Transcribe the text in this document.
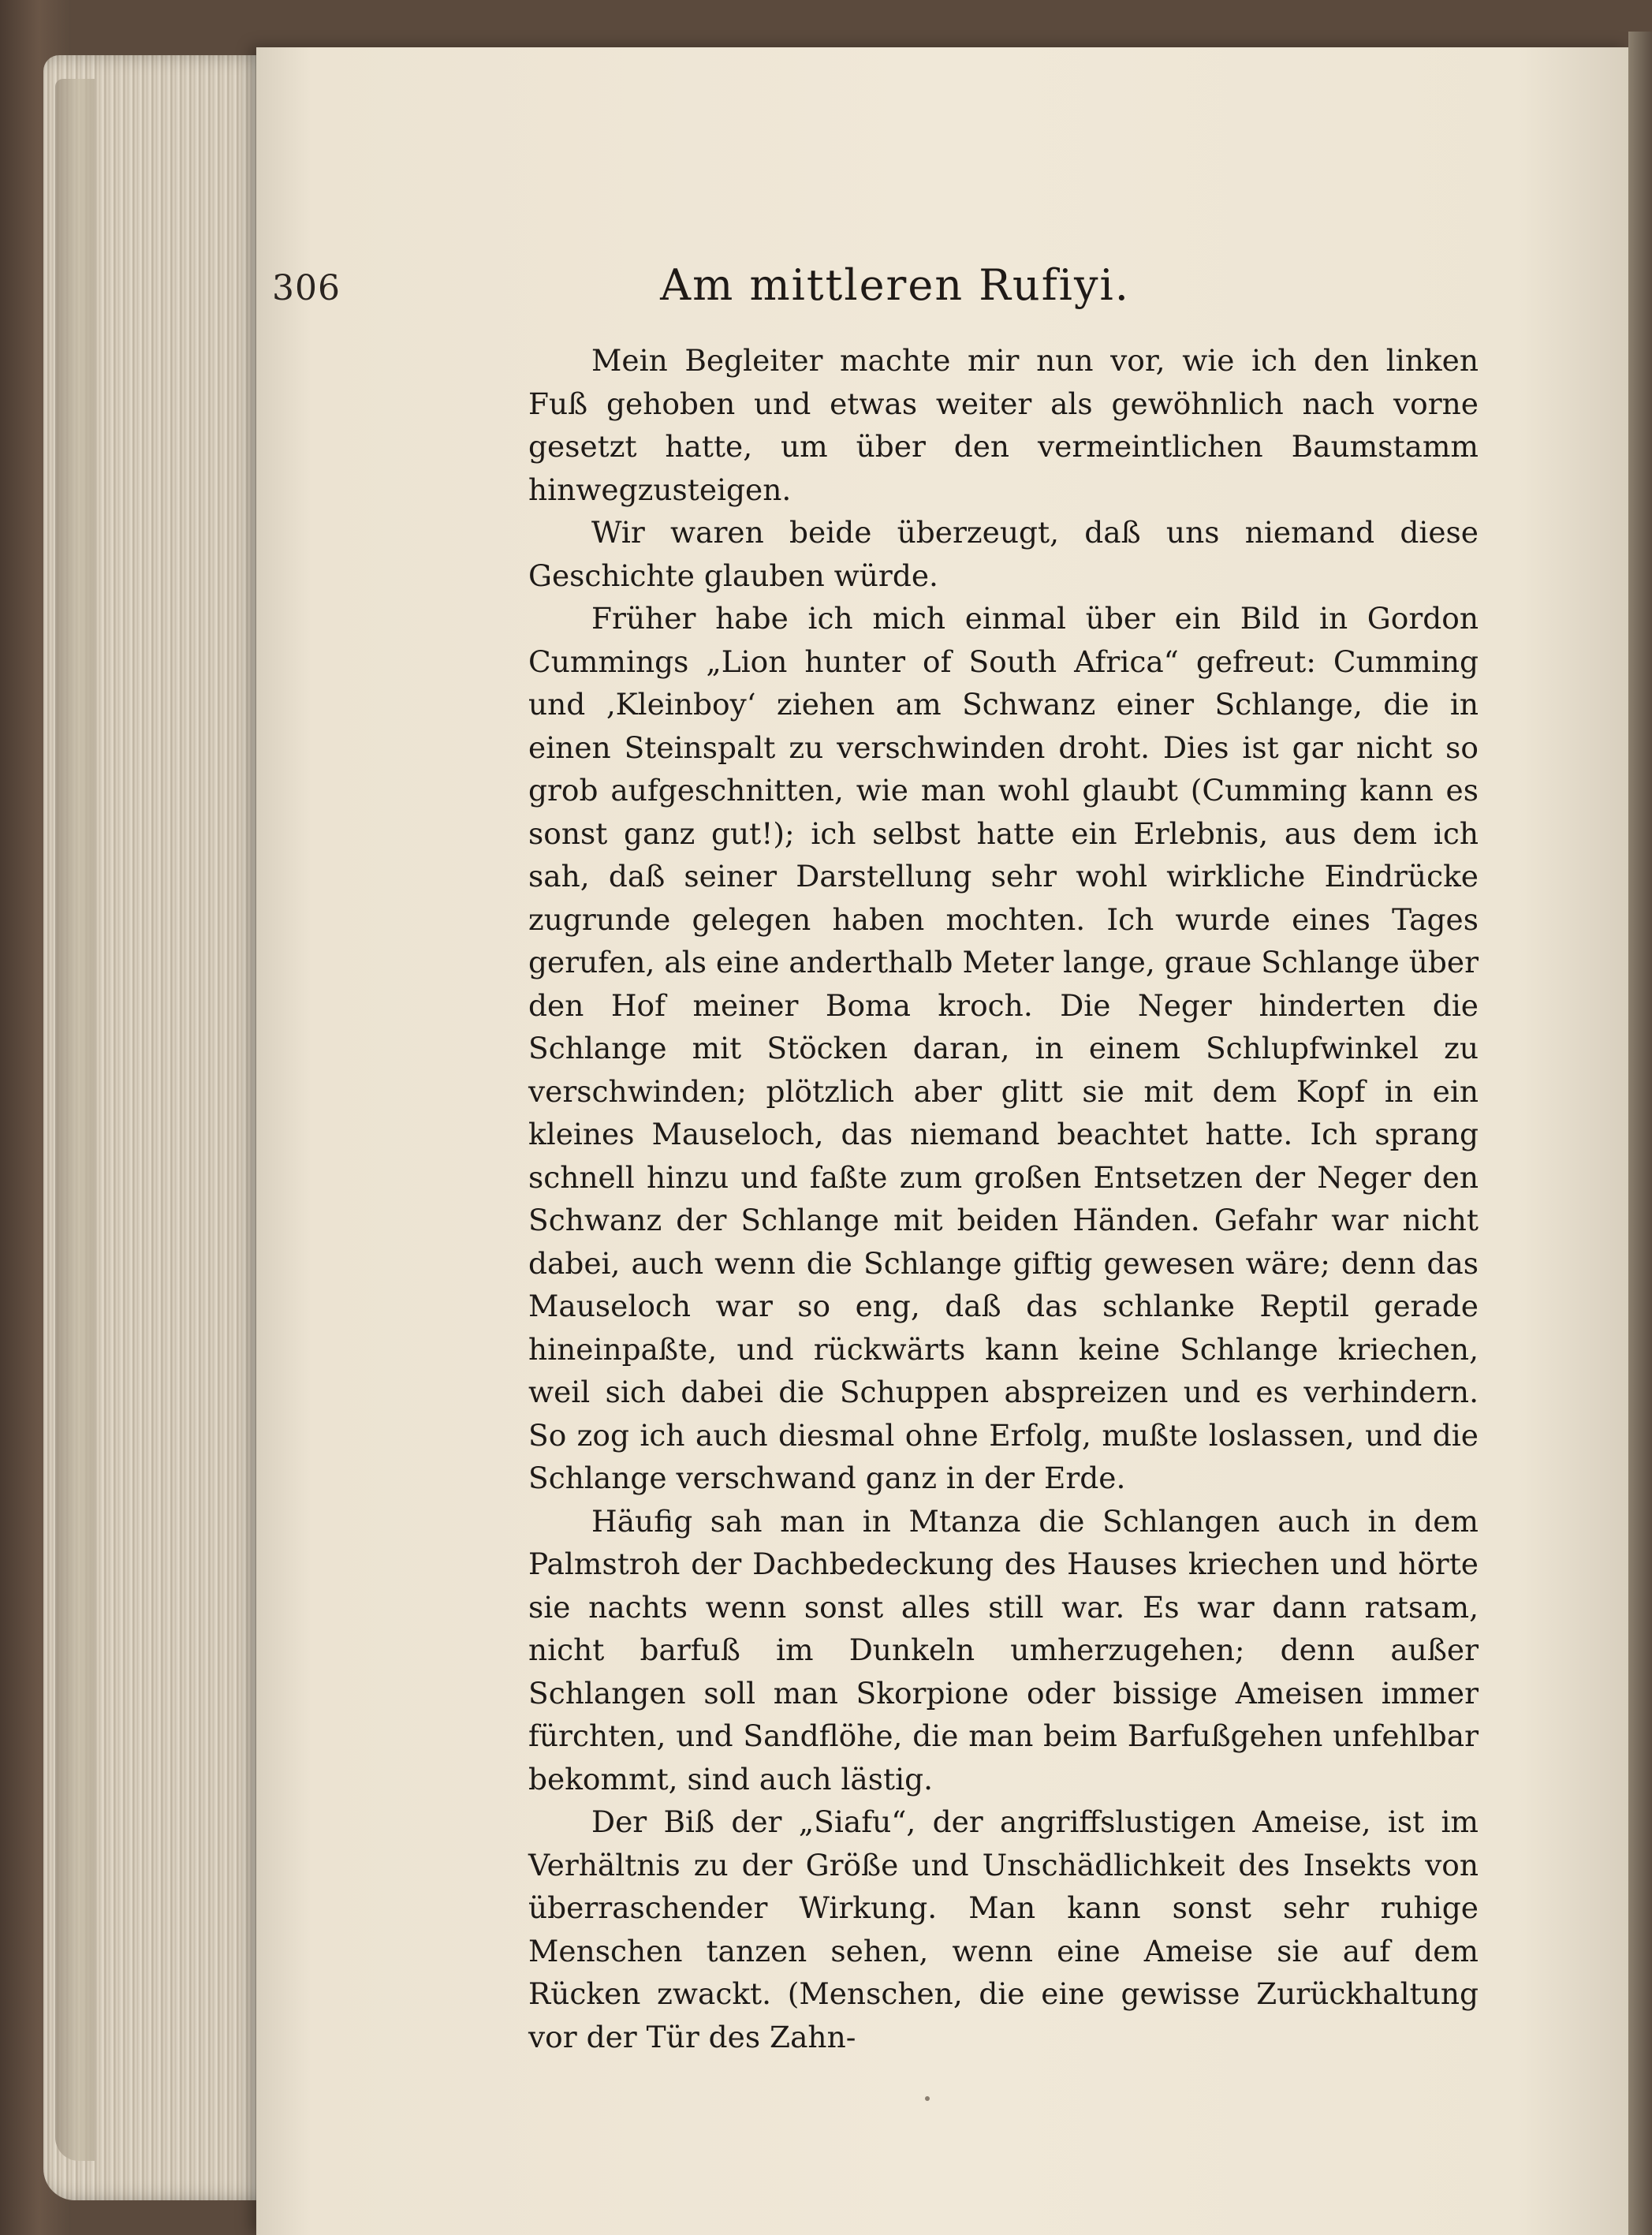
306	Am mittleren Rufiyi.

Mein Begleiter machte mir nun vor, wie ich den linken Fuß gehoben und etwas weiter als gewöhnlich nach vorne gesetzt hatte, um über den vermeintlichen Baumstamm hinwegzusteigen.

Wir waren beide überzeugt, daß uns niemand diese Geschichte glauben würde.

Früher habe ich mich einmal über ein Bild in Gordon Cummings „Lion hunter of South Africa“ gefreut: Cumming und ‚Kleinboy‘ ziehen am Schwanz einer Schlange, die in einen Steinspalt zu verschwinden droht. Dies ist gar nicht so grob aufgeschnitten, wie man wohl glaubt (Cumming kann es sonst ganz gut!); ich selbst hatte ein Erlebnis, aus dem ich sah, daß seiner Darstellung sehr wohl wirkliche Eindrücke zugrunde gelegen haben mochten. Ich wurde eines Tages gerufen, als eine anderthalb Meter lange, graue Schlange über den Hof meiner Boma kroch. Die Neger hinderten die Schlange mit Stöcken daran, in einem Schlupfwinkel zu verschwinden; plötzlich aber glitt sie mit dem Kopf in ein kleines Mauseloch, das niemand beachtet hatte. Ich sprang schnell hinzu und faßte zum großen Entsetzen der Neger den Schwanz der Schlange mit beiden Händen. Gefahr war nicht dabei, auch wenn die Schlange giftig gewesen wäre; denn das Mauseloch war so eng, daß das schlanke Reptil gerade hineinpaßte, und rückwärts kann keine Schlange kriechen, weil sich dabei die Schuppen abspreizen und es verhindern. So zog ich auch diesmal ohne Erfolg, mußte loslassen, und die Schlange verschwand ganz in der Erde.

Häufig sah man in Mtanza die Schlangen auch in dem Palmstroh der Dachbedeckung des Hauses kriechen und hörte sie nachts wenn sonst alles still war. Es war dann ratsam, nicht barfuß im Dunkeln umherzugehen; denn außer Schlangen soll man Skorpione oder bissige Ameisen immer fürchten, und Sandflöhe, die man beim Barfußgehen unfehlbar bekommt, sind auch lästig.

Der Biß der „Siafu“, der angriffslustigen Ameise, ist im Verhältnis zu der Größe und Unschädlichkeit des Insekts von überraschender Wirkung. Man kann sonst sehr ruhige Menschen tanzen sehen, wenn eine Ameise sie auf dem Rücken zwackt. (Menschen, die eine gewisse Zurückhaltung vor der Tür des Zahn-
